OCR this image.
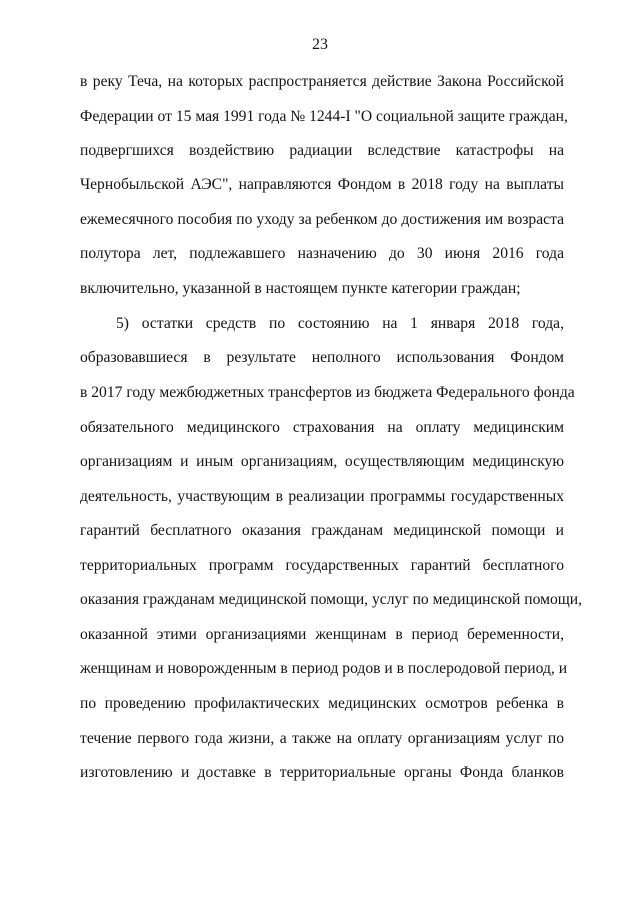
23
в реку Теча, на которых распространяется действие Закона Российской
Федерации от 15 мая 1991 года № 1244-I "О социальной защите граждан,
подвергшихся воздействию радиации вследствие катастрофы на
Чернобыльской АЭС", направляются Фондом в 2018 году на выплаты
ежемесячного пособия по уходу за ребенком до достижения им возраста
полутора лет, подлежавшего назначению до 30 июня 2016 года
включительно, указанной в настоящем пункте категории граждан;
5) остатки средств по состоянию на 1 января 2018 года,
образовавшиеся в результате неполного использования Фондом
в 2017 году межбюджетных трансфертов из бюджета Федерального фонда
обязательного медицинского страхования на оплату медицинским
организациям и иным организациям, осуществляющим медицинскую
деятельность, участвующим в реализации программы государственных
гарантий бесплатного оказания гражданам медицинской помощи и
территориальных программ государственных гарантий бесплатного
оказания гражданам медицинской помощи, услуг по медицинской помощи,
оказанной этими организациями женщинам в период беременности,
женщинам и новорожденным в период родов и в послеродовой период, и
по проведению профилактических медицинских осмотров ребенка в
течение первого года жизни, а также на оплату организациям услуг по
изготовлению и доставке в территориальные органы Фонда бланков
